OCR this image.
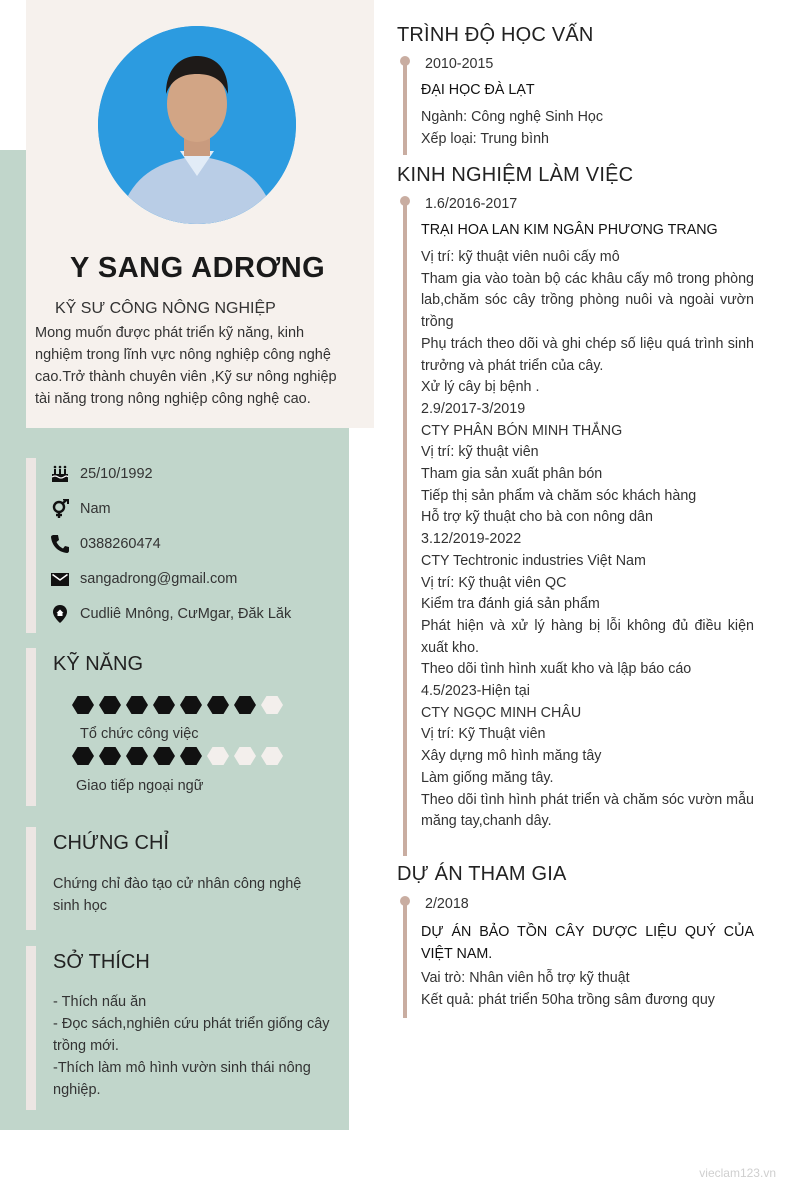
Y SANG ADRƠNG
KỸ SƯ CÔNG NÔNG NGHIỆP
Mong muốn được phát triển kỹ năng, kinh nghiệm trong lĩnh vực nông nghiệp công nghệ cao.Trở thành chuyên viên ,Kỹ sư nông nghiệp tài năng trong nông nghiệp công nghệ cao.
25/10/1992
Nam
0388260474
sangadrong@gmail.com
Cudliê Mnông, CưMgar, Đăk Lăk
KỸ NĂNG
Tổ chức công việc
Giao tiếp ngoại ngữ
CHỨNG CHỈ
Chứng chỉ đào tạo cử nhân công nghệ sinh học
SỞ THÍCH
- Thích nấu ăn
- Đọc sách,nghiên cứu phát triển giống cây trồng mới.
-Thích làm mô hình vườn sinh thái nông nghiệp.
TRÌNH ĐỘ HỌC VẤN
2010-2015
ĐẠI HỌC ĐÀ LẠT
Ngành: Công nghệ Sinh Học
Xếp loại: Trung bình
KINH NGHIỆM LÀM VIỆC
1.6/2016-2017
TRẠI HOA LAN KIM NGÂN PHƯƠNG TRANG
Vị trí: kỹ thuật viên nuôi cấy mô
Tham gia vào toàn bộ các khâu cấy mô trong phòng lab,chăm sóc cây trồng phòng nuôi và ngoài vườn trồng
Phụ trách theo dõi và ghi chép số liệu quá trình sinh trưởng và phát triển của cây.
Xử lý cây bị bệnh .
2.9/2017-3/2019
CTY PHÂN BÓN MINH THẮNG
Vị trí: kỹ thuật viên
Tham gia sản xuất phân bón
Tiếp thị sản phẩm và chăm sóc khách hàng
Hỗ trợ kỹ thuật cho bà con nông dân
3.12/2019-2022
CTY Techtronic industries Việt Nam
Vị trí: Kỹ thuật viên QC
Kiểm tra đánh giá sản phẩm
Phát hiện và xử lý hàng bị lỗi không đủ điều kiện xuất kho.
Theo dõi tình hình xuất kho và lập báo cáo
4.5/2023-Hiện tại
CTY NGỌC MINH CHÂU
Vị trí: Kỹ Thuật viên
Xây dựng mô hình măng tây
Làm giống măng tây.
Theo dõi tình hình phát triển và chăm sóc vườn mẫu măng tay,chanh dây.
DỰ ÁN THAM GIA
2/2018
DỰ ÁN BẢO TỒN CÂY DƯỢC LIỆU QUÝ CỦA VIỆT NAM.
Vai trò: Nhân viên hỗ trợ kỹ thuật
Kết quả: phát triển 50ha trồng sâm đương quy
vieclam123.vn
